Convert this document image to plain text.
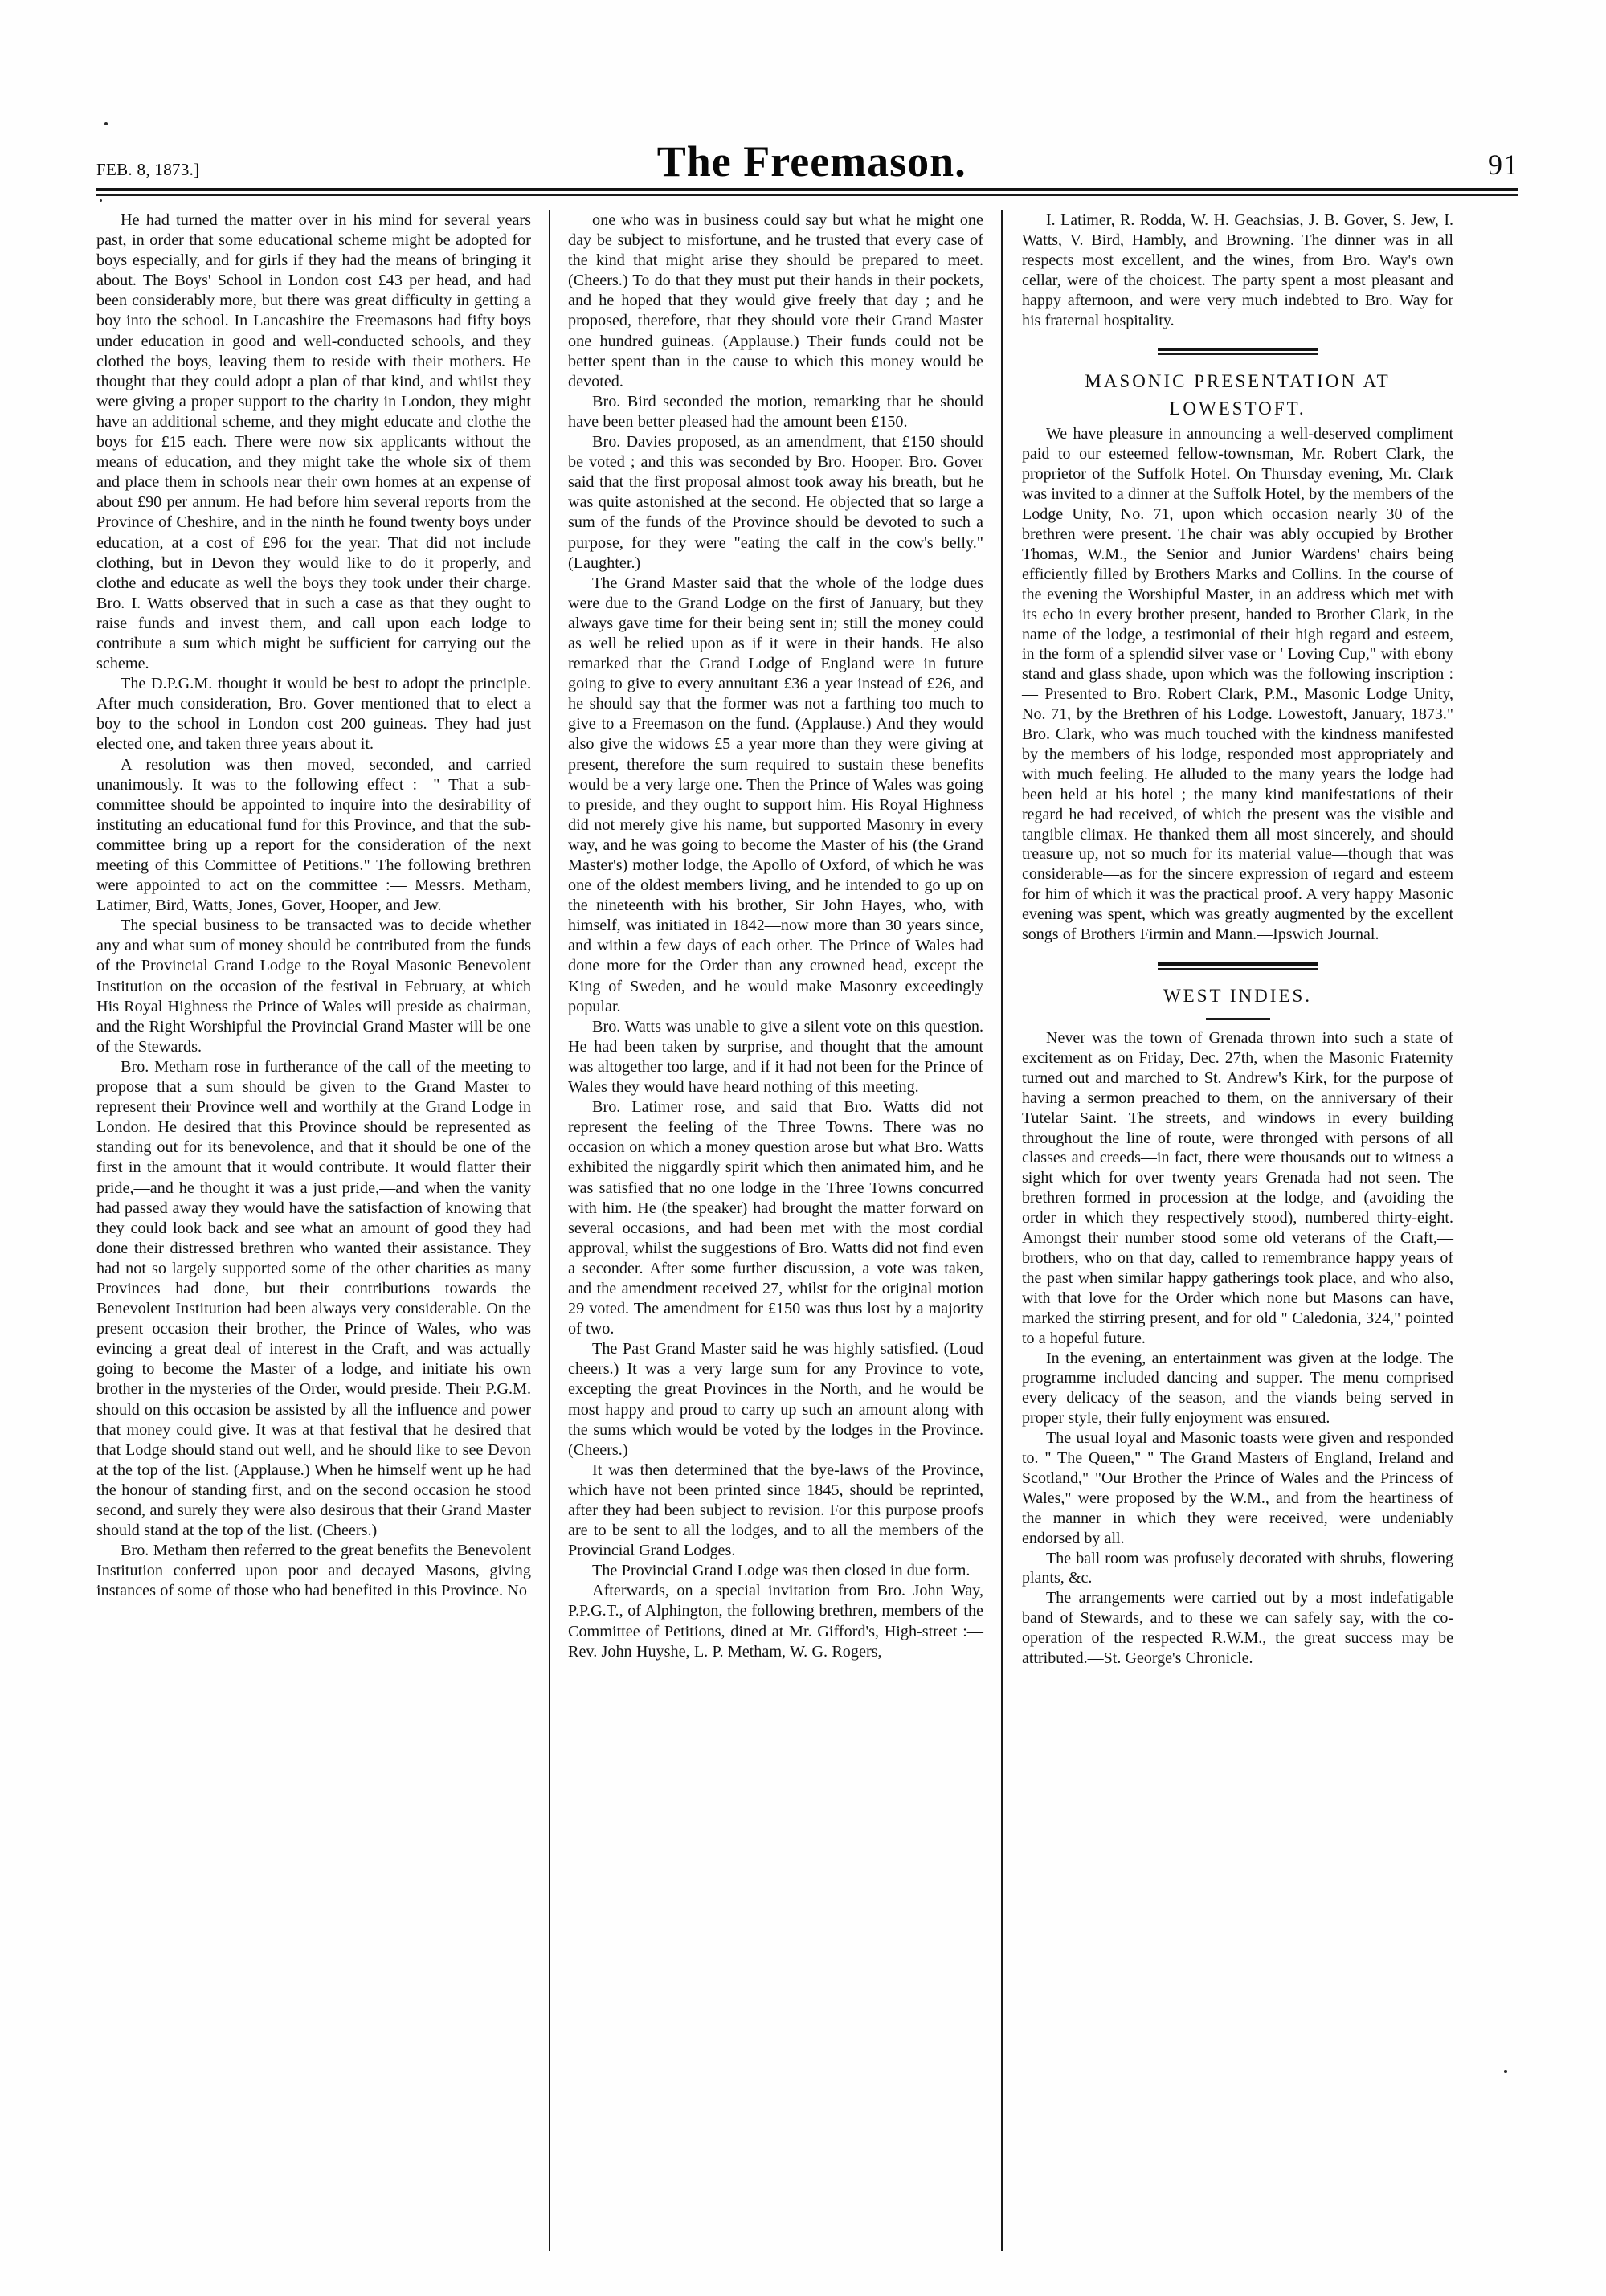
FEB. 8, 1873.]	The Freemason.	91

He had turned the matter over in his mind for several years past, in order that some educational scheme might be adopted for boys especially, and for girls if they had the means of bringing it about. The Boys' School in London cost £43 per head, and had been considerably more, but there was great difficulty in getting a boy into the school. In Lancashire the Freemasons had fifty boys under education in good and well-conducted schools, and they clothed the boys, leaving them to reside with their mothers. He thought that they could adopt a plan of that kind, and whilst they were giving a proper support to the charity in London, they might have an additional scheme, and they might educate and clothe the boys for £15 each. There were now six applicants without the means of education, and they might take the whole six of them and place them in schools near their own homes at an expense of about £90 per annum. He had before him several reports from the Province of Cheshire, and in the ninth he found twenty boys under education, at a cost of £96 for the year. That did not include clothing, but in Devon they would like to do it properly, and clothe and educate as well the boys they took under their charge. Bro. I. Watts observed that in such a case as that they ought to raise funds and invest them, and call upon each lodge to contribute a sum which might be sufficient for carrying out the scheme.

The D.P.G.M. thought it would be best to adopt the principle. After much consideration, Bro. Gover mentioned that to elect a boy to the school in London cost 200 guineas. They had just elected one, and taken three years about it.

A resolution was then moved, seconded, and carried unanimously. It was to the following effect :—" That a sub-committee should be appointed to inquire into the desirability of instituting an educational fund for this Province, and that the sub-committee bring up a report for the consideration of the next meeting of this Committee of Petitions." The following brethren were appointed to act on the committee :— Messrs. Metham, Latimer, Bird, Watts, Jones, Gover, Hooper, and Jew.

The special business to be transacted was to decide whether any and what sum of money should be contributed from the funds of the Provincial Grand Lodge to the Royal Masonic Benevolent Institution on the occasion of the festival in February, at which His Royal Highness the Prince of Wales will preside as chairman, and the Right Worshipful the Provincial Grand Master will be one of the Stewards.

Bro. Metham rose in furtherance of the call of the meeting to propose that a sum should be given to the Grand Master to represent their Province well and worthily at the Grand Lodge in London. He desired that this Province should be represented as standing out for its benevolence, and that it should be one of the first in the amount that it would contribute. It would flatter their pride,—and he thought it was a just pride,—and when the vanity had passed away they would have the satisfaction of knowing that they could look back and see what an amount of good they had done their distressed brethren who wanted their assistance. They had not so largely supported some of the other charities as many Provinces had done, but their contributions towards the Benevolent Institution had been always very considerable. On the present occasion their brother, the Prince of Wales, who was evincing a great deal of interest in the Craft, and was actually going to become the Master of a lodge, and initiate his own brother in the mysteries of the Order, would preside. Their P.G.M. should on this occasion be assisted by all the influence and power that money could give. It was at that festival that he desired that that Lodge should stand out well, and he should like to see Devon at the top of the list. (Applause.) When he himself went up he had the honour of standing first, and on the second occasion he stood second, and surely they were also desirous that their Grand Master should stand at the top of the list. (Cheers.)

Bro. Metham then referred to the great benefits the Benevolent Institution conferred upon poor and decayed Masons, giving instances of some of those who had benefited in this Province. No

one who was in business could say but what he might one day be subject to misfortune, and he trusted that every case of the kind that might arise they should be prepared to meet. (Cheers.) To do that they must put their hands in their pockets, and he hoped that they would give freely that day ; and he proposed, therefore, that they should vote their Grand Master one hundred guineas. (Applause.) Their funds could not be better spent than in the cause to which this money would be devoted.

Bro. Bird seconded the motion, remarking that he should have been better pleased had the amount been £150.

Bro. Davies proposed, as an amendment, that £150 should be voted ; and this was seconded by Bro. Hooper. Bro. Gover said that the first proposal almost took away his breath, but he was quite astonished at the second. He objected that so large a sum of the funds of the Province should be devoted to such a purpose, for they were "eating the calf in the cow's belly." (Laughter.)

The Grand Master said that the whole of the lodge dues were due to the Grand Lodge on the first of January, but they always gave time for their being sent in; still the money could as well be relied upon as if it were in their hands. He also remarked that the Grand Lodge of England were in future going to give to every annuitant £36 a year instead of £26, and he should say that the former was not a farthing too much to give to a Freemason on the fund. (Applause.) And they would also give the widows £5 a year more than they were giving at present, therefore the sum required to sustain these benefits would be a very large one. Then the Prince of Wales was going to preside, and they ought to support him. His Royal Highness did not merely give his name, but supported Masonry in every way, and he was going to become the Master of his (the Grand Master's) mother lodge, the Apollo of Oxford, of which he was one of the oldest members living, and he intended to go up on the nineteenth with his brother, Sir John Hayes, who, with himself, was initiated in 1842—now more than 30 years since, and within a few days of each other. The Prince of Wales had done more for the Order than any crowned head, except the King of Sweden, and he would make Masonry exceedingly popular.

Bro. Watts was unable to give a silent vote on this question. He had been taken by surprise, and thought that the amount was altogether too large, and if it had not been for the Prince of Wales they would have heard nothing of this meeting.

Bro. Latimer rose, and said that Bro. Watts did not represent the feeling of the Three Towns. There was no occasion on which a money question arose but what Bro. Watts exhibited the niggardly spirit which then animated him, and he was satisfied that no one lodge in the Three Towns concurred with him. He (the speaker) had brought the matter forward on several occasions, and had been met with the most cordial approval, whilst the suggestions of Bro. Watts did not find even a seconder. After some further discussion, a vote was taken, and the amendment received 27, whilst for the original motion 29 voted. The amendment for £150 was thus lost by a majority of two.

The Past Grand Master said he was highly satisfied. (Loud cheers.) It was a very large sum for any Province to vote, excepting the great Provinces in the North, and he would be most happy and proud to carry up such an amount along with the sums which would be voted by the lodges in the Province. (Cheers.)

It was then determined that the bye-laws of the Province, which have not been printed since 1845, should be reprinted, after they had been subject to revision. For this purpose proofs are to be sent to all the lodges, and to all the members of the Provincial Grand Lodges.

The Provincial Grand Lodge was then closed in due form.

Afterwards, on a special invitation from Bro. John Way, P.P.G.T., of Alphington, the following brethren, members of the Committee of Petitions, dined at Mr. Gifford's, High-street :— Rev. John Huyshe, L. P. Metham, W. G. Rogers,

I. Latimer, R. Rodda, W. H. Geachsias, J. B. Gover, S. Jew, I. Watts, V. Bird, Hambly, and Browning. The dinner was in all respects most excellent, and the wines, from Bro. Way's own cellar, were of the choicest. The party spent a most pleasant and happy afternoon, and were very much indebted to Bro. Way for his fraternal hospitality.

MASONIC PRESENTATION AT
LOWESTOFT.

We have pleasure in announcing a well-deserved compliment paid to our esteemed fellow-townsman, Mr. Robert Clark, the proprietor of the Suffolk Hotel. On Thursday evening, Mr. Clark was invited to a dinner at the Suffolk Hotel, by the members of the Lodge Unity, No. 71, upon which occasion nearly 30 of the brethren were present. The chair was ably occupied by Brother Thomas, W.M., the Senior and Junior Wardens' chairs being efficiently filled by Brothers Marks and Collins. In the course of the evening the Worshipful Master, in an address which met with its echo in every brother present, handed to Brother Clark, in the name of the lodge, a testimonial of their high regard and esteem, in the form of a splendid silver vase or ' Loving Cup," with ebony stand and glass shade, upon which was the following inscription :— Presented to Bro. Robert Clark, P.M., Masonic Lodge Unity, No. 71, by the Brethren of his Lodge. Lowestoft, January, 1873." Bro. Clark, who was much touched with the kindness manifested by the members of his lodge, responded most appropriately and with much feeling. He alluded to the many years the lodge had been held at his hotel ; the many kind manifestations of their regard he had received, of which the present was the visible and tangible climax. He thanked them all most sincerely, and should treasure up, not so much for its material value—though that was considerable—as for the sincere expression of regard and esteem for him of which it was the practical proof. A very happy Masonic evening was spent, which was greatly augmented by the excellent songs of Brothers Firmin and Mann.—Ipswich Journal.

WEST INDIES.

Never was the town of Grenada thrown into such a state of excitement as on Friday, Dec. 27th, when the Masonic Fraternity turned out and marched to St. Andrew's Kirk, for the purpose of having a sermon preached to them, on the anniversary of their Tutelar Saint. The streets, and windows in every building throughout the line of route, were thronged with persons of all classes and creeds—in fact, there were thousands out to witness a sight which for over twenty years Grenada had not seen. The brethren formed in procession at the lodge, and (avoiding the order in which they respectively stood), numbered thirty-eight. Amongst their number stood some old veterans of the Craft,—brothers, who on that day, called to remembrance happy years of the past when similar happy gatherings took place, and who also, with that love for the Order which none but Masons can have, marked the stirring present, and for old " Caledonia, 324," pointed to a hopeful future.

In the evening, an entertainment was given at the lodge. The programme included dancing and supper. The menu comprised every delicacy of the season, and the viands being served in proper style, their fully enjoyment was ensured.

The usual loyal and Masonic toasts were given and responded to. " The Queen," " The Grand Masters of England, Ireland and Scotland," "Our Brother the Prince of Wales and the Princess of Wales," were proposed by the W.M., and from the heartiness of the manner in which they were received, were undeniably endorsed by all.

The ball room was profusely decorated with shrubs, flowering plants, &c.

The arrangements were carried out by a most indefatigable band of Stewards, and to these we can safely say, with the co-operation of the respected R.W.M., the great success may be attributed.—St. George's Chronicle.
